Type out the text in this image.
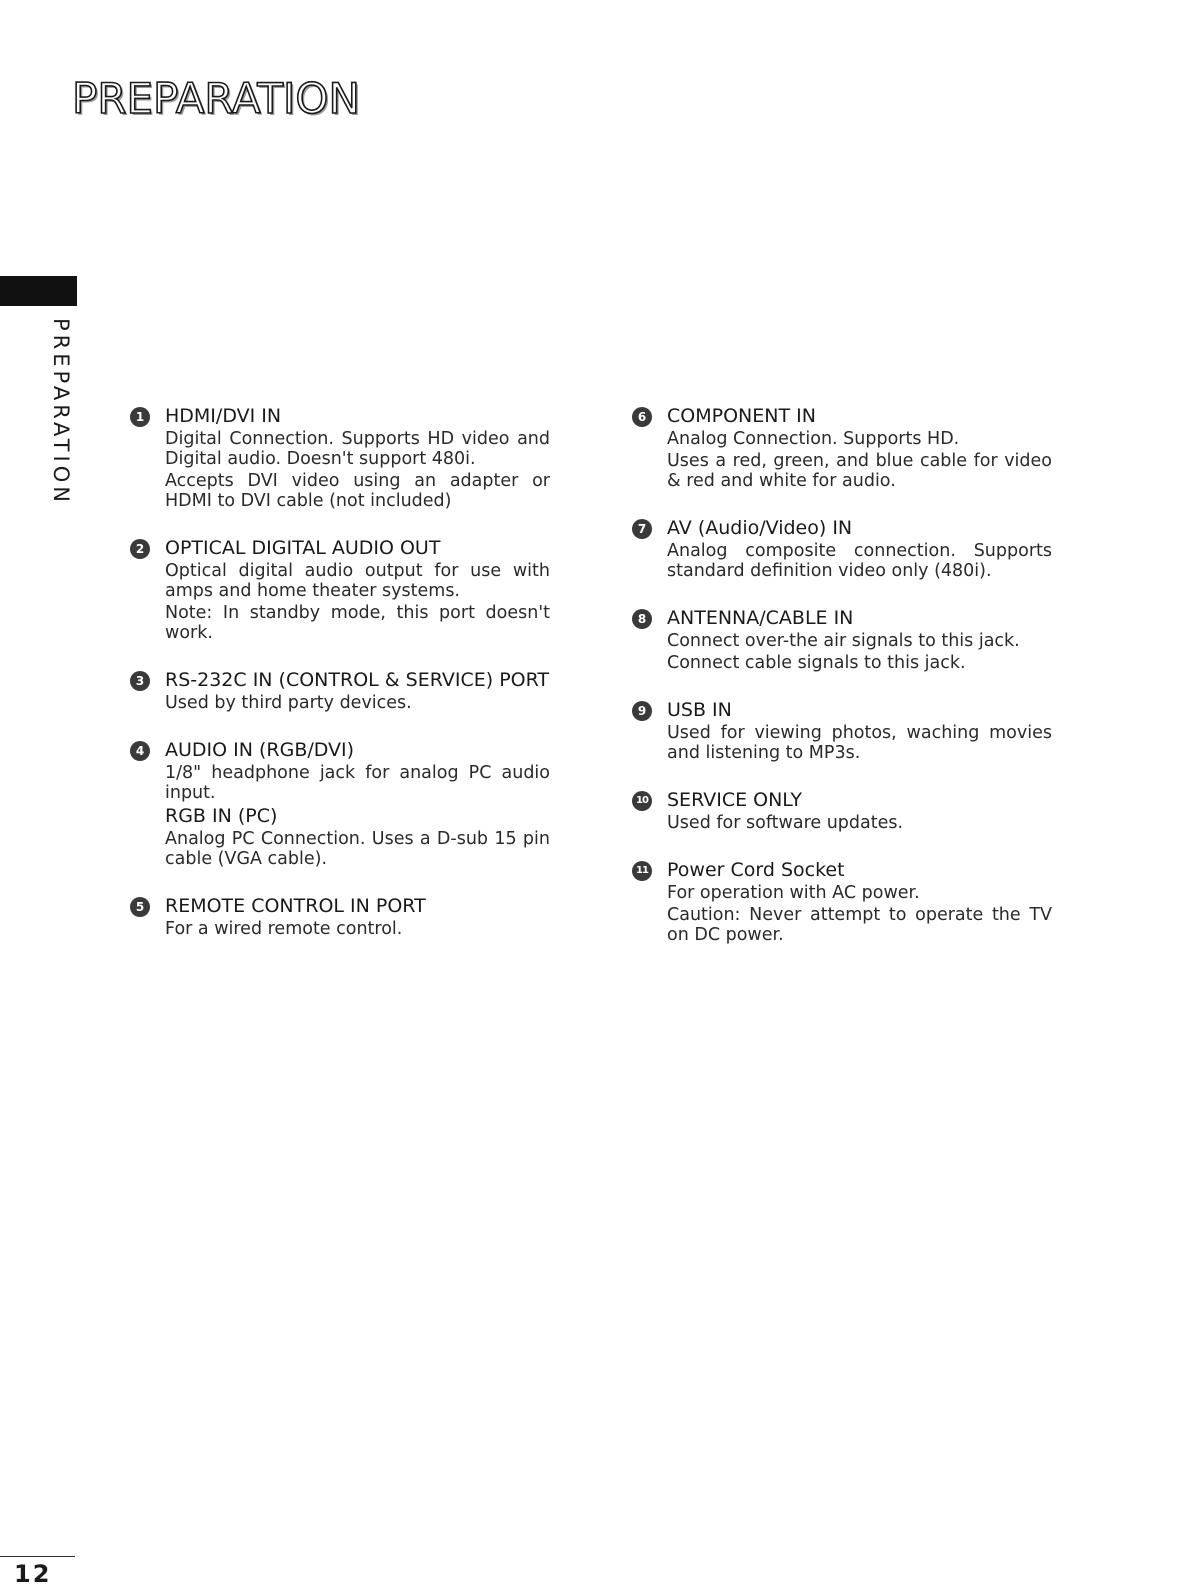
PREPARATION
PREPARATION	1	HDMI/DVI IN

Digital Connection. Supports HD video and Digital audio. Doesn't support 480i.

Accepts DVI video using an adapter or HDMI to DVI cable (not included)

2	OPTICAL DIGITAL AUDIO OUT

Optical digital audio output for use with amps and home theater systems.

Note: In standby mode, this port doesn't work.

3	RS-232C IN (CONTROL & SERVICE) PORT

Used by third party devices.

4	AUDIO IN (RGB/DVI)

1/8" headphone jack for analog PC audio input.

RGB IN (PC)

Analog PC Connection. Uses a D-sub 15 pin cable (VGA cable).

5	REMOTE CONTROL IN PORT

For a wired remote control.

6	COMPONENT IN

Analog Connection. Supports HD.

Uses a red, green, and blue cable for video & red and white for audio.

7	AV (Audio/Video) IN

Analog composite connection. Supports standard definition video only (480i).

8	ANTENNA/CABLE IN

Connect over-the air signals to this jack.

Connect cable signals to this jack.

9	USB IN

Used for viewing photos, waching movies and listening to MP3s.

10 SERVICE ONLY

Used for software updates.

11 Power Cord Socket

For operation with AC power.

Caution: Never attempt to operate the TV on DC power.

12
